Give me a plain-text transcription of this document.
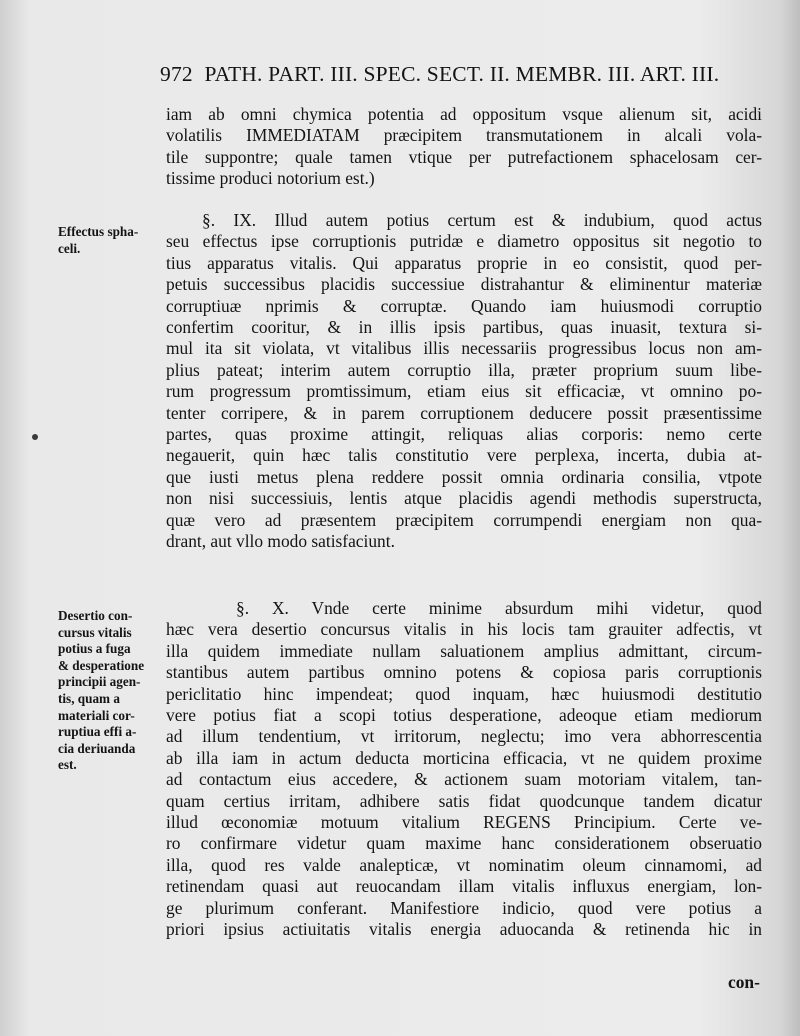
972 PATH. PART. III. SPEC. SECT. II. MEMBR. III. ART. III.
iam ab omni chymica potentia ad oppositum vsque alienum sit, acidi
volatilis IMMEDIATAM præcipitem transmutationem in alcali vola-
tile suppontre; quale tamen vtique per putrefactionem sphacelosam cer-
tissime produci notorium est.)
Effectus spha-
celi.
§. IX. Illud autem potius certum est & indubium, quod actus
seu effectus ipse corruptionis putridæ e diametro oppositus sit negotio to
tius apparatus vitalis. Qui apparatus proprie in eo consistit, quod per-
petuis successibus placidis successiue distrahantur & eliminentur materiæ
corruptiuæ nprimis & corruptæ. Quando iam huiusmodi corruptio
confertim cooritur, & in illis ipsis partibus, quas inuasit, textura si-
mul ita sit violata, vt vitalibus illis necessariis progressibus locus non am-
plius pateat; interim autem corruptio illa, præter proprium suum libe-
rum progressum promtissimum, etiam eius sit efficaciæ, vt omnino po-
tenter corripere, & in parem corruptionem deducere possit præsentissime
partes, quas proxime attingit, reliquas alias corporis: nemo certe
negauerit, quin hæc talis constitutio vere perplexa, incerta, dubia at-
que iusti metus plena reddere possit omnia ordinaria consilia, vtpote
non nisi successiuis, lentis atque placidis agendi methodis superstructa,
quæ vero ad præsentem præcipitem corrumpendi energiam non qua-
drant, aut vllo modo satisfaciunt.
Desertio con-
cursus vitalis
potius a fuga
& desperatione
principii agen-
tis, quam a
materiali cor-
ruptiua effi a-
cia deriuanda
est.
§. X. Vnde certe minime absurdum mihi videtur, quod
hæc vera desertio concursus vitalis in his locis tam grauiter adfectis, vt
illa quidem immediate nullam saluationem amplius admittant, circum-
stantibus autem partibus omnino potens & copiosa paris corruptionis
periclitatio hinc impendeat; quod inquam, hæc huiusmodi destitutio
vere potius fiat a scopi totius desperatione, adeoque etiam mediorum
ad illum tendentium, vt irritorum, neglectu; imo vera abhorrescentia
ab illa iam in actum deducta morticina efficacia, vt ne quidem proxime
ad contactum eius accedere, & actionem suam motoriam vitalem, tan-
quam certius irritam, adhibere satis fidat quodcunque tandem dicatur
illud œconomiæ motuum vitalium REGENS Principium. Certe ve-
ro confirmare videtur quam maxime hanc considerationem obseruatio
illa, quod res valde analepticæ, vt nominatim oleum cinnamomi, ad
retinendam quasi aut reuocandam illam vitalis influxus energiam, lon-
ge plurimum conferant. Manifestiore indicio, quod vere potius a
priori ipsius actiuitatis vitalis energia aduocanda & retinenda hic in
con-
